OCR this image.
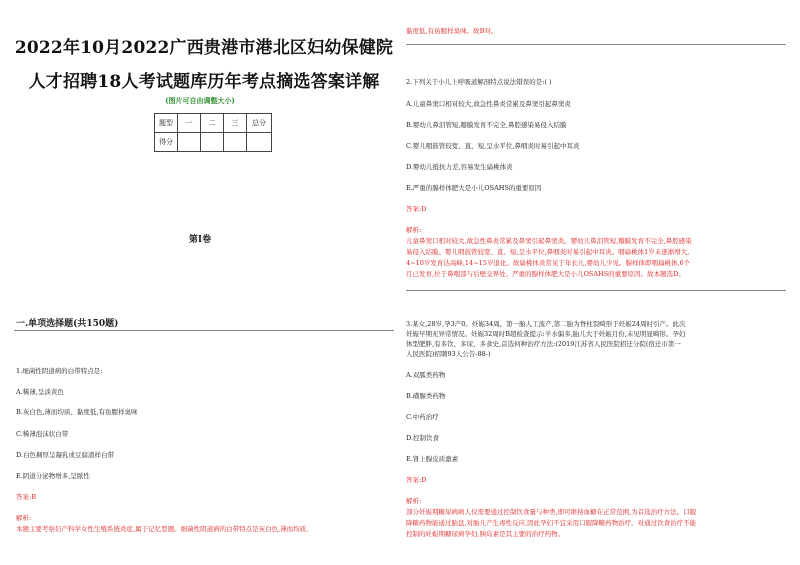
2022年10月2022广西贵港市港北区妇幼保健院
人才招聘18人考试题库历年考点摘选答案详解
(图片可自由调整大小)
题型	一	二	三	总分
得分				
第I卷
一.单项选择题(共150题)
1.细菌性阴道病的白带特点是:
A.稀薄,呈淡黄色
B.灰白色,薄而均质、黏度低,有鱼腥样臭味
C.稀薄泡沫状白带
D.白色稠厚呈凝乳或豆腐渣样白带
E.阴道分泌物增多,呈脓性
答案:B
解析:
本题主要考察妇产科学女性生殖系统炎症,属于记忆型题。细菌性阴道病的白带特点是灰白色,薄而均质,
黏度低,有鱼腥样臭味。故B对。
2.下列关于小儿上呼吸道解剖特点说法错误的是:( )
A.儿童鼻窦口相对较大,故急性鼻炎常累及鼻窦引起鼻窦炎
B.婴幼儿鼻泪管短,瓣膜发育不完全,鼻腔感染易侵入结膜
C.婴儿咽鼓管较宽、直、短,呈水平位,鼻咽炎时易引起中耳炎
D.婴幼儿抵抗力差,容易发生扁桃体炎
E.严重的腺样体肥大是小儿OSAHS的重要原因
答案:D
解析:
儿童鼻窦口相对较大,故急性鼻炎常累及鼻窦引起鼻窦炎。婴幼儿鼻泪管短,瓣膜发育不完全,鼻腔感染
易侵入结膜。婴儿咽鼓管较宽、直、短,呈水平位,鼻咽炎时易引起中耳炎。咽扁桃体1岁末逐渐增大,
4~10岁发育达高峰,14~15岁退化。故扁桃体炎常见于年长儿,婴幼儿少见。腺样体即咽扁桃体,6个
月已发育,位于鼻咽部与后壁交界处。严重的腺样体肥大是小儿OSAHS的重要原因。故本题选D。
3.某女,28岁,孕3产0。妊娠34周。第一胎人工流产,第二胎为脊柱裂畸形于妊娠24周时引产。此次
妊娠早期无异常情况。妊娠32周时B超检查提示:羊水偏多,胎儿大于妊娠月份,未见明显畸形。孕妇
体型肥胖,有多饮、多尿、多食史,首选何种治疗方法:(2019江苏省人民医院招迁分院(宿迁市第一
人民医院)招聘93人公告-88-)
A.双胍类药物
B.磺脲类药物
C.中药治疗
D.控制饮食
E.肾上腺皮质激素
答案:D
解析:
部分妊娠期糖尿病病人仅需要通过控制饮食量与种类,即可维持血糖在正常范围,为首选治疗方法。口服
降糖药物能通过胎盘,对胎儿产生毒性反应,因此孕妇不宜采用口服降糖药物治疗。对通过饮食治疗不能
控制的妊娠期糖尿病孕妇,胰岛素是其主要的治疗药物。
